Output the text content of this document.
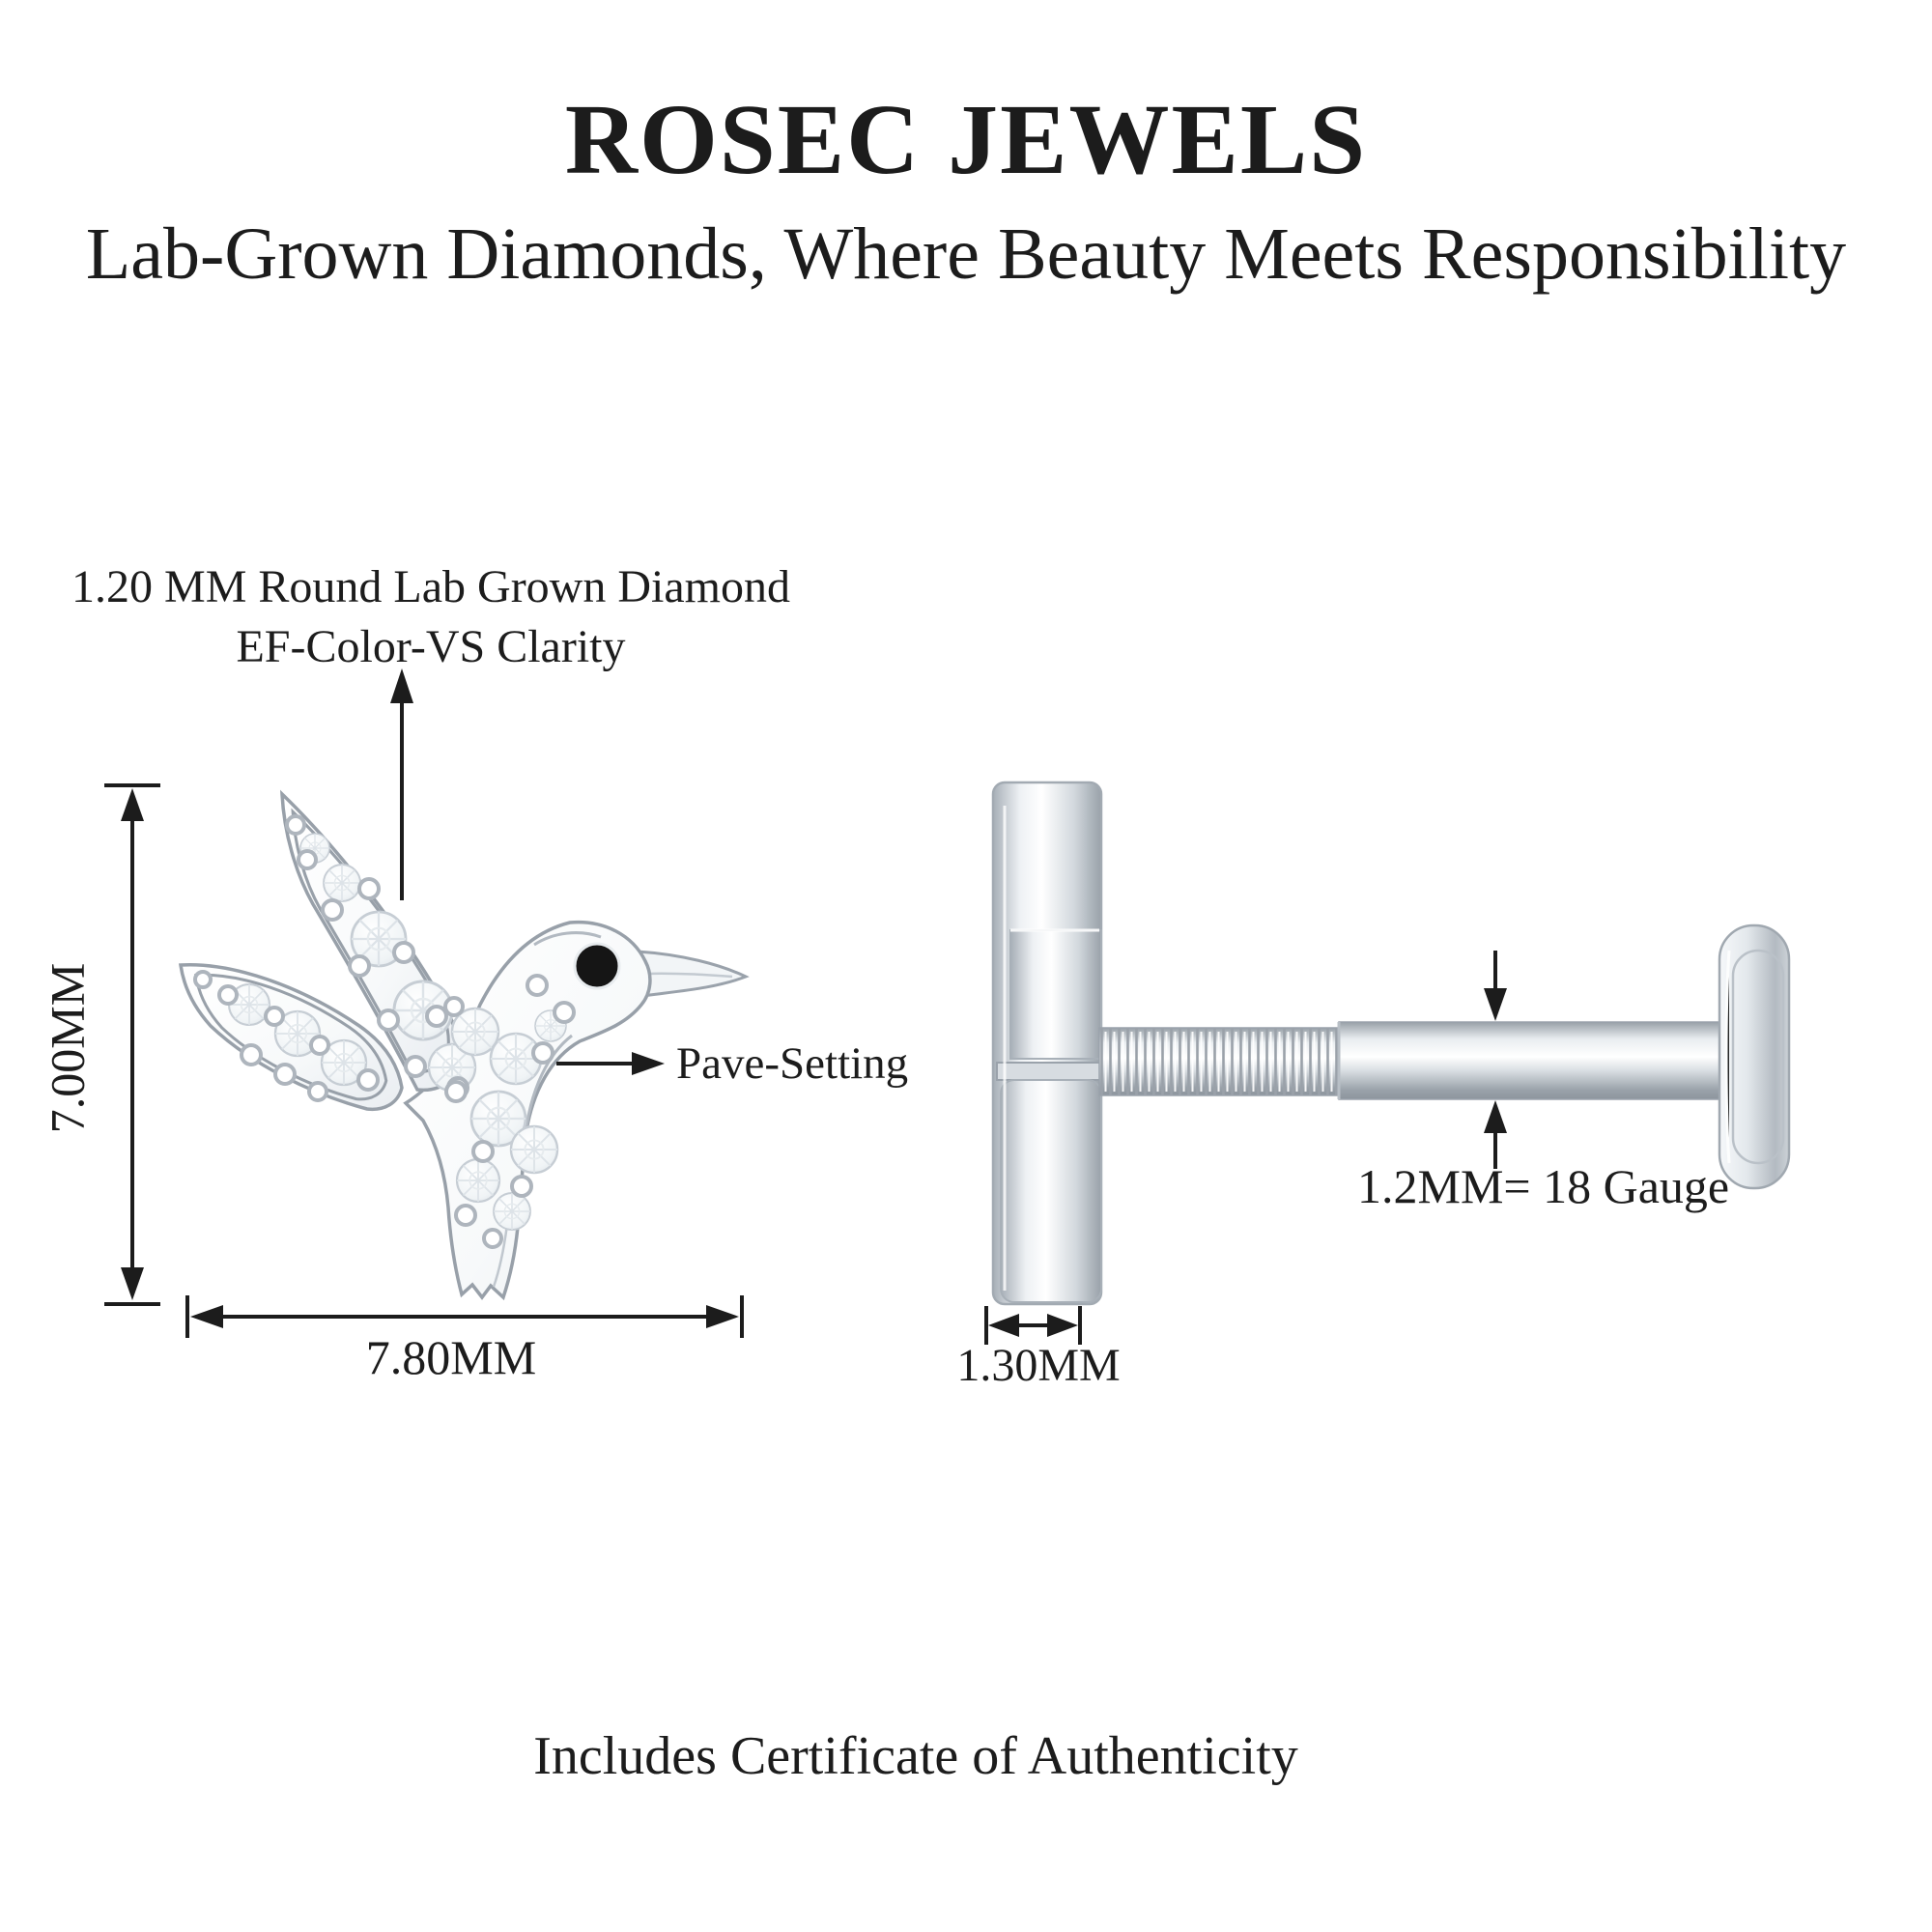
ROSEC JEWELS
Lab-Grown Diamonds, Where Beauty Meets Responsibility
1.20 MM Round Lab Grown Diamond
EF-Color-VS Clarity
Pave-Setting
7.00MM
7.80MM	1.30MM
1.2MM= 18 Gauge
Includes Certificate of Authenticity
